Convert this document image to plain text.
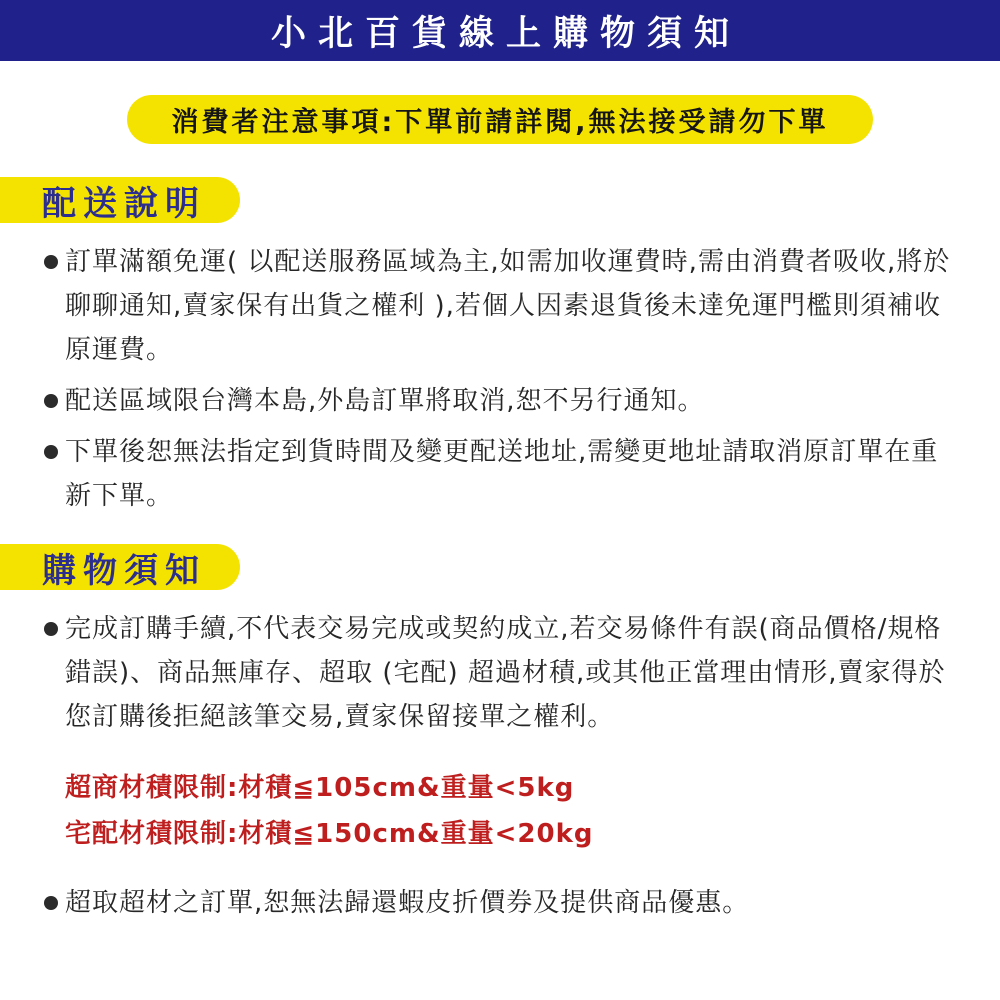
小北百貨線上購物須知
消費者注意事項:下單前請詳閱,無法接受請勿下單
配送說明
訂單滿額免運( 以配送服務區域為主,如需加收運費時,需由消費者吸收,將於聊聊通知,賣家保有出貨之權利 ),若個人因素退貨後未達免運門檻則須補收原運費。
配送區域限台灣本島,外島訂單將取消,恕不另行通知。
下單後恕無法指定到貨時間及變更配送地址,需變更地址請取消原訂單在重新下單。
購物須知
完成訂購手續,不代表交易完成或契約成立,若交易條件有誤(商品價格/規格錯誤)、商品無庫存、超取 (宅配) 超過材積,或其他正當理由情形,賣家得於您訂購後拒絕該筆交易,賣家保留接單之權利。
超商材積限制:材積≦105cm&重量<5kg
宅配材積限制:材積≦150cm&重量<20kg
超取超材之訂單,恕無法歸還蝦皮折價券及提供商品優惠。
